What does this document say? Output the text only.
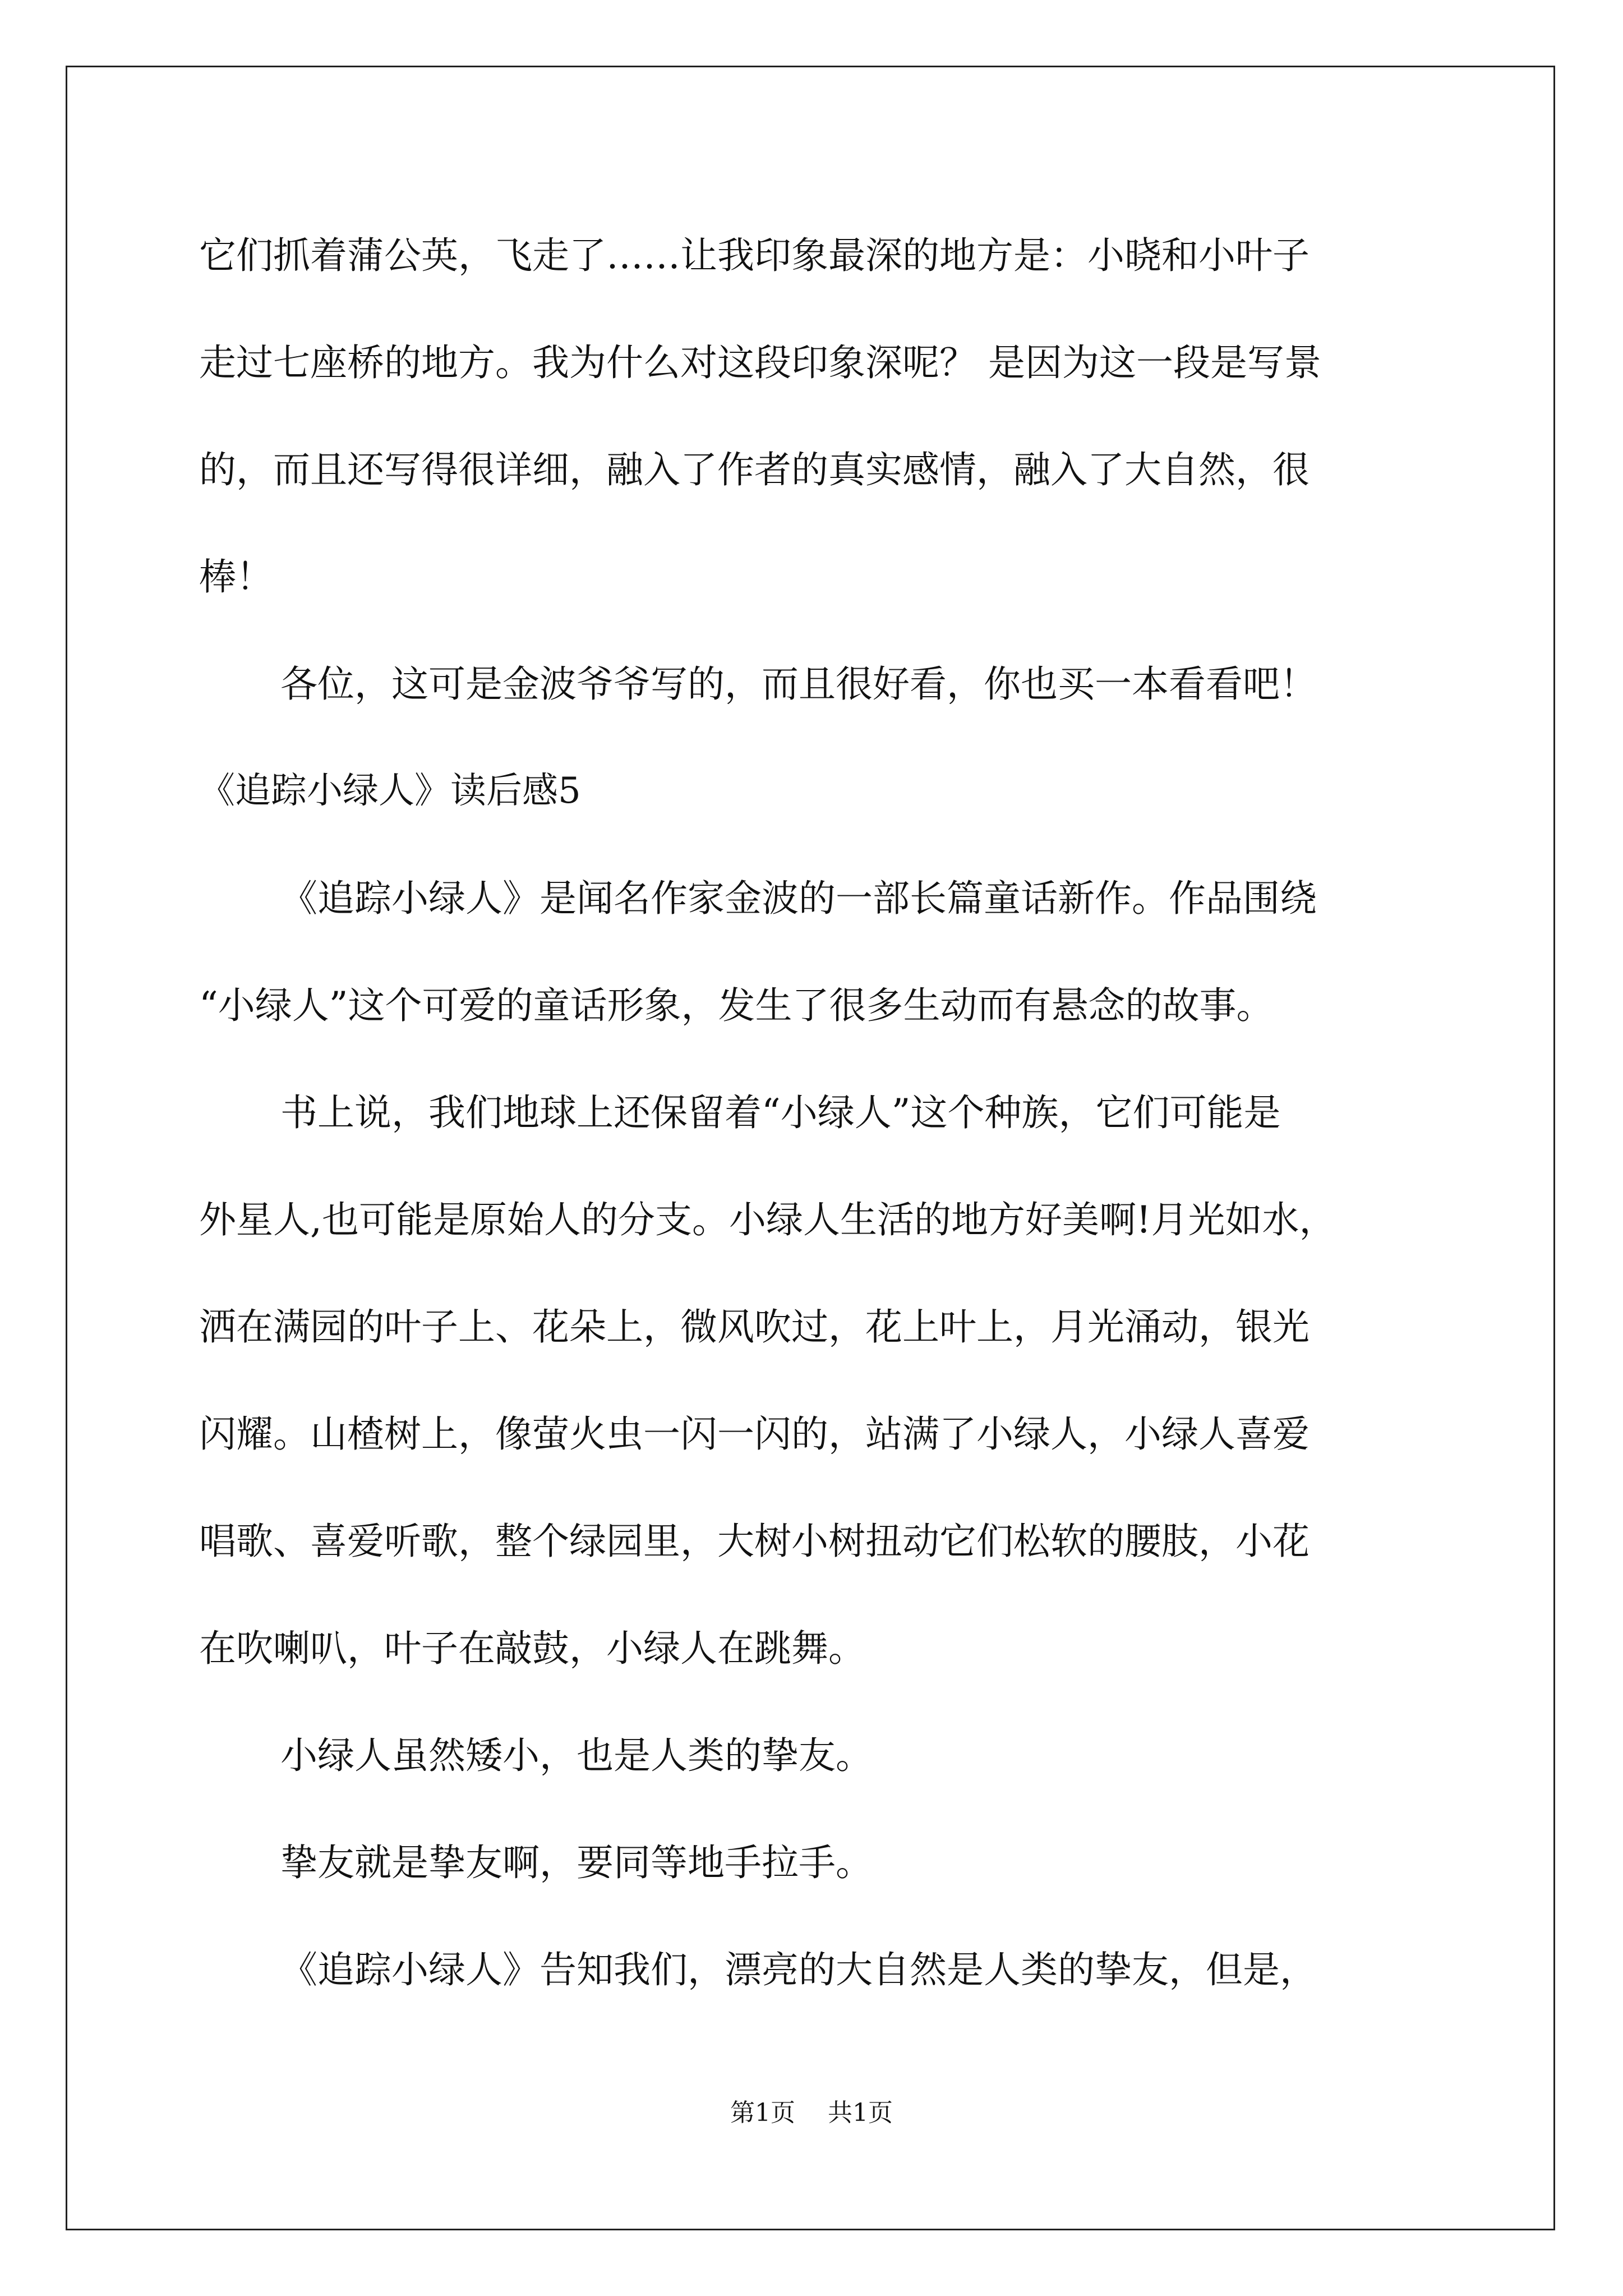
它们抓着蒲公英，飞走了……让我印象最深的地方是：小晓和小叶子

走过七座桥的地方。我为什么对这段印象深呢？ 是因为这一段是写景

的，而且还写得很详细，融入了作者的真实感情，融入了大自然，很

棒！

各位，这可是金波爷爷写的，而且很好看，你也买一本看看吧！

《追踪小绿人》读后感5

《追踪小绿人》是闻名作家金波的一部长篇童话新作。作品围绕

“小绿人”这个可爱的童话形象，发生了很多生动而有悬念的故事。

书上说，我们地球上还保留着“小绿人”这个种族，它们可能是

外星人,也可能是原始人的分支。小绿人生活的地方好美啊!月光如水，

洒在满园的叶子上、花朵上，微风吹过，花上叶上，月光涌动，银光

闪耀。山楂树上，像萤火虫一闪一闪的，站满了小绿人，小绿人喜爱

唱歌、喜爱听歌，整个绿园里，大树小树扭动它们松软的腰肢，小花

在吹喇叭，叶子在敲鼓，小绿人在跳舞。

小绿人虽然矮小，也是人类的挚友。

挚友就是挚友啊，要同等地手拉手。

《追踪小绿人》告知我们，漂亮的大自然是人类的挚友，但是，

第1页 共1页
